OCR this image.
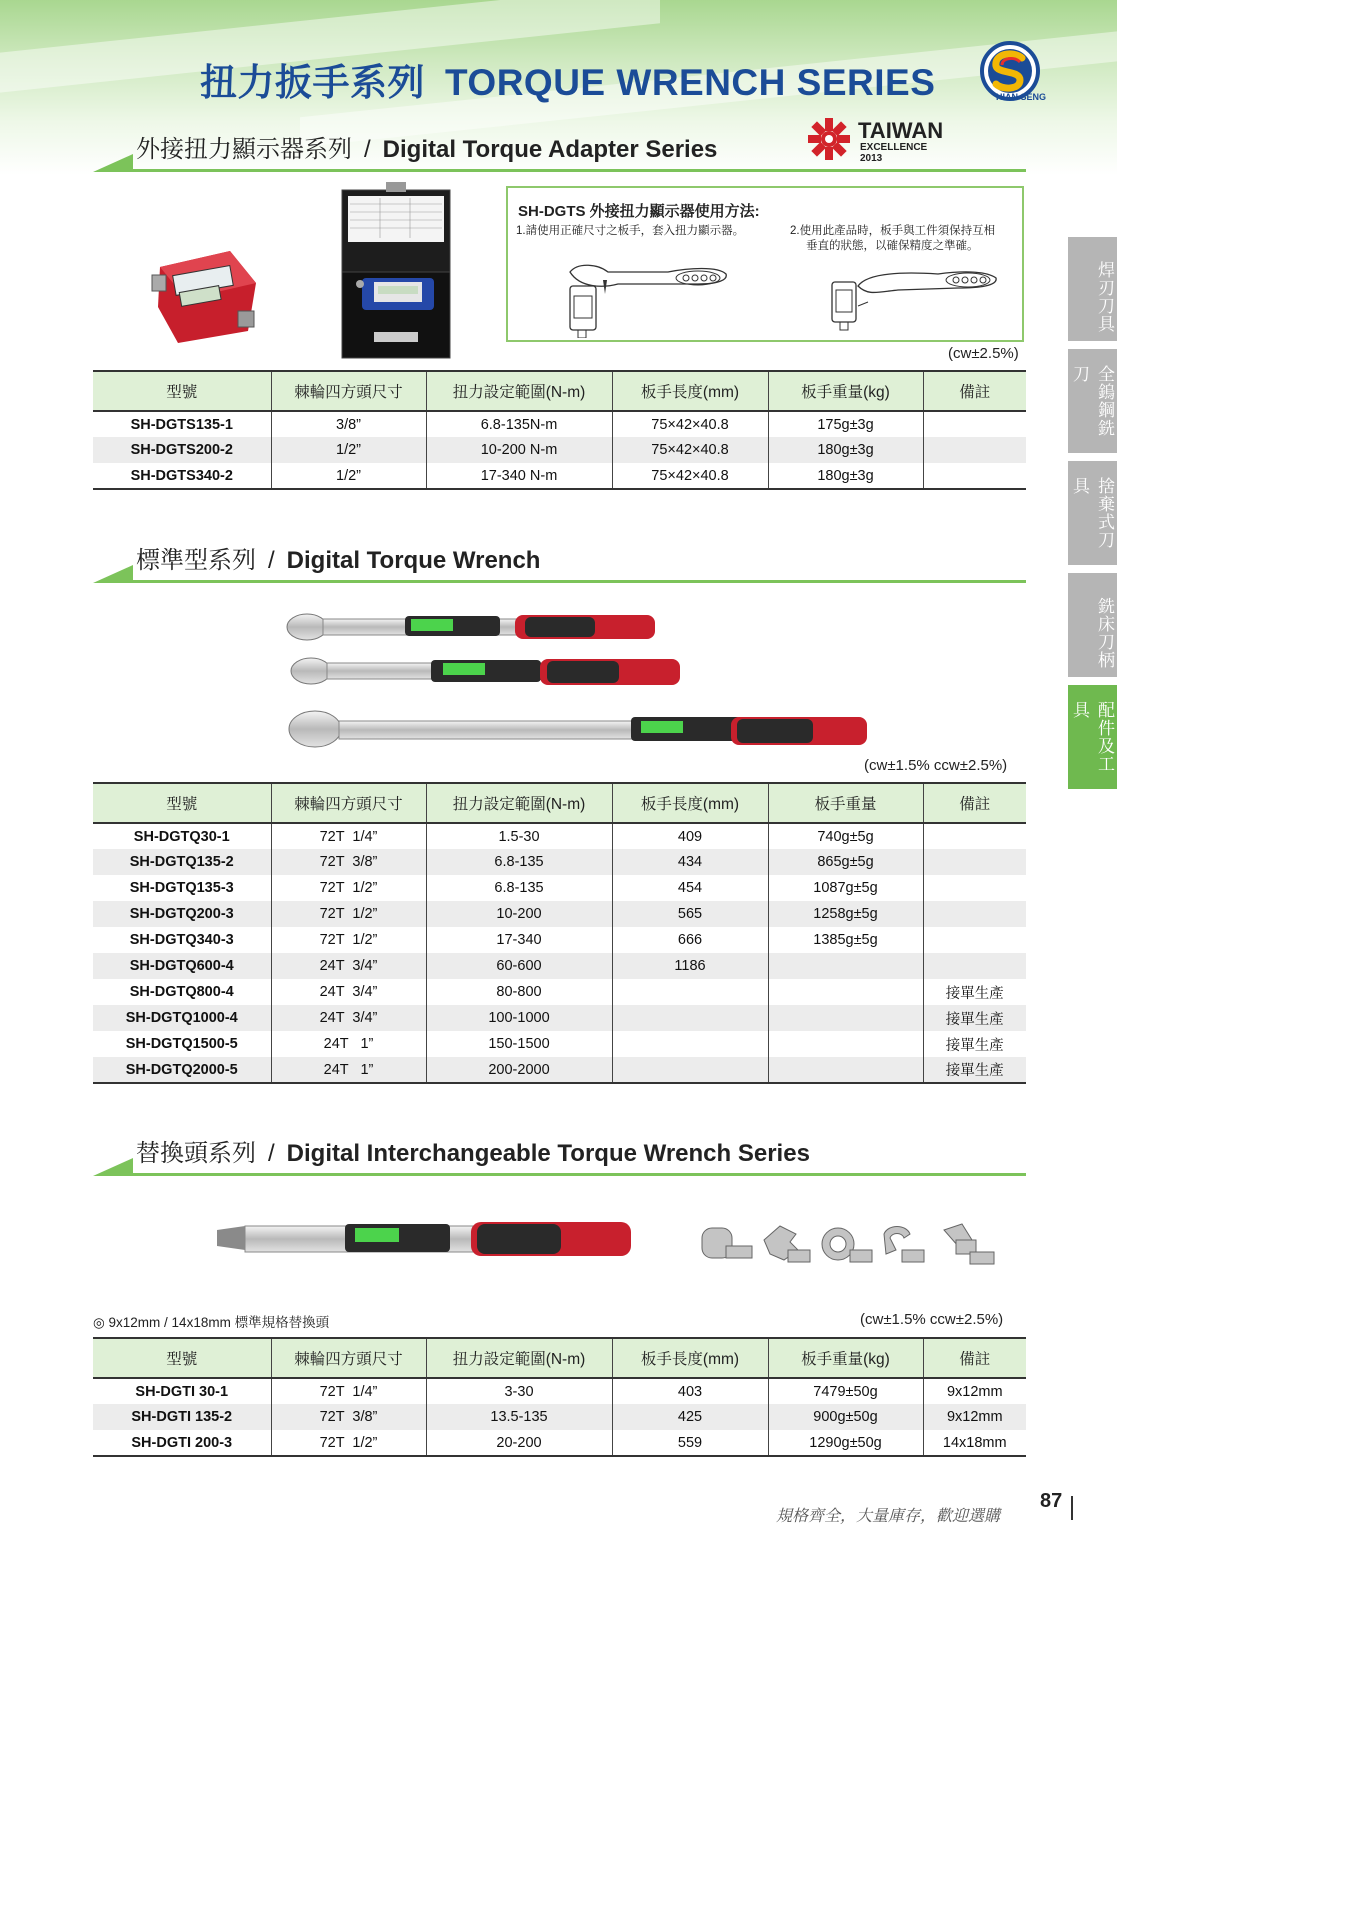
扭力扳手系列 TORQUE WRENCH SERIES	HIAN SENG
外接扭力顯示器系列 / Digital Torque Adapter Series
TAIWAN
EXCELLENCE 2013
SH-DGTS 外接扭力顯示器使用方法:
1.請使用正確尺寸之板手，套入扭力顯示器。	2.使用此產品時，板手與工件須保持互相
垂直的狀態，以確保精度之準確。
(cw±2.5%)
型號	棘輪四方頭尺寸	扭力設定範圍(N-m)	板手長度(mm)	板手重量(kg)	備註
SH-DGTS135-1	3/8”	6.8-135N-m	75×42×40.8	175g±3g	
SH-DGTS200-2	1/2”	10-200 N-m	75×42×40.8	180g±3g	
SH-DGTS340-2	1/2”	17-340 N-m	75×42×40.8	180g±3g	
標準型系列 / Digital Torque Wrench
(cw±1.5% ccw±2.5%)
型號	棘輪四方頭尺寸	扭力設定範圍(N-m)	板手長度(mm)	板手重量	備註
SH-DGTQ30-1	72T  1/4”	1.5-30	409	740g±5g	
SH-DGTQ135-2	72T  3/8”	6.8-135	434	865g±5g	
SH-DGTQ135-3	72T  1/2”	6.8-135	454	1087g±5g	
SH-DGTQ200-3	72T  1/2”	10-200	565	1258g±5g	
SH-DGTQ340-3	72T  1/2”	17-340	666	1385g±5g	
SH-DGTQ600-4	24T  3/4”	60-600	1186		
SH-DGTQ800-4	24T  3/4”	80-800			接單生產
SH-DGTQ1000-4	24T  3/4”	100-1000			接單生產
SH-DGTQ1500-5	24T   1”	150-1500			接單生產
SH-DGTQ2000-5	24T   1”	200-2000			接單生產
替換頭系列 / Digital Interchangeable Torque Wrench Series
◎ 9x12mm / 14x18mm 標準規格替換頭	(cw±1.5% ccw±2.5%)
型號	棘輪四方頭尺寸	扭力設定範圍(N-m)	板手長度(mm)	板手重量(kg)	備註
SH-DGTI 30-1	72T  1/4”	3-30	403	7479±50g	9x12mm
SH-DGTI 135-2	72T  3/8”	13.5-135	425	900g±50g	9x12mm
SH-DGTI 200-3	72T  1/2”	20-200	559	1290g±50g	14x18mm
焊刃刀具
全鎢鋼銑刀
捨棄式刀具
銑床刀柄
配件及工具
規格齊全，大量庫存，歡迎選購
87
